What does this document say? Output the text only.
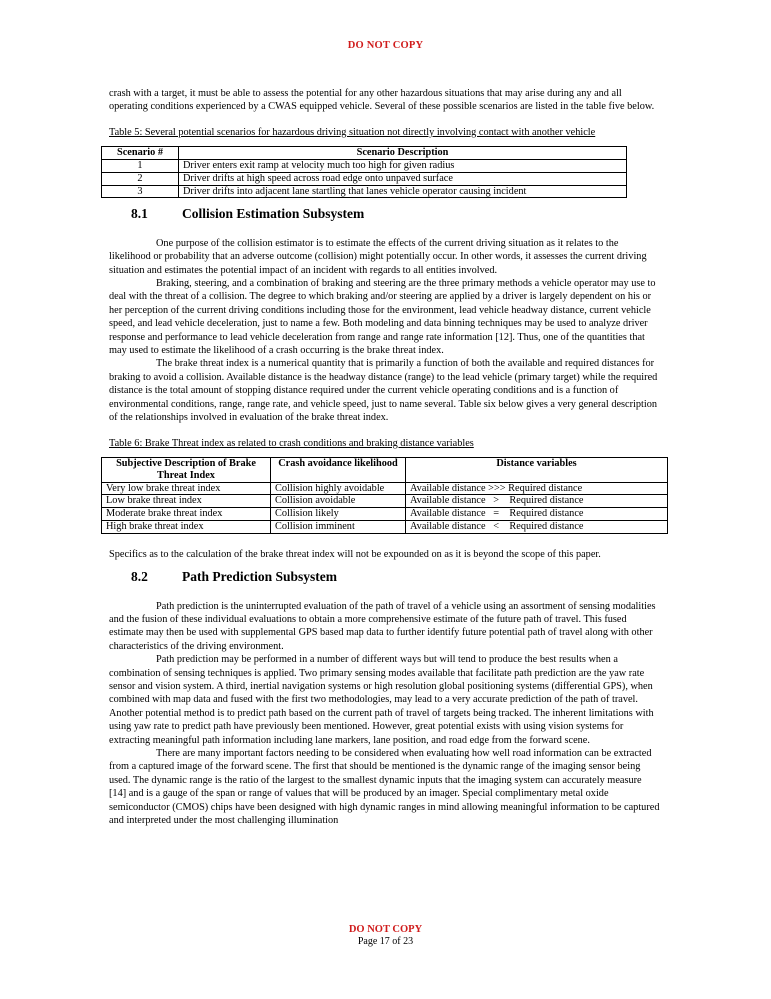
DO NOT COPY

crash with a target, it must be able to assess the potential for any other hazardous situations that may arise during any and all operating conditions experienced by a CWAS equipped vehicle. Several of these possible scenarios are listed in the table five below.

Table 5: Several potential scenarios for hazardous driving situation not directly involving contact with another vehicle

Scenario #	Scenario Description
1	Driver enters exit ramp at velocity much too high for given radius
2	Driver drifts at high speed across road edge onto unpaved surface
3	Driver drifts into adjacent lane startling that lanes vehicle operator causing incident
8.1	Collision Estimation Subsystem

One purpose of the collision estimator is to estimate the effects of the current driving situation as it relates to the likelihood or probability that an adverse outcome (collision) might potentially occur. In other words, it assesses the current driving situation and estimates the potential impact of an incident with regards to all entities involved.

Braking, steering, and a combination of braking and steering are the three primary methods a vehicle operator may use to deal with the threat of a collision. The degree to which braking and/or steering are applied by a driver is largely dependent on his or her perception of the current driving conditions including those for the environment, lead vehicle headway distance, current vehicle speed, and lead vehicle deceleration, just to name a few. Both modeling and data binning techniques may be used to analyze driver response and performance to lead vehicle deceleration from range and range rate information [12]. Thus, one of the quantities that may used to estimate the likelihood of a crash occurring is the brake threat index.

The brake threat index is a numerical quantity that is primarily a function of both the available and required distances for braking to avoid a collision. Available distance is the headway distance (range) to the lead vehicle (primary target) while the required distance is the total amount of stopping distance required under the current vehicle operating conditions and is a function of environmental conditions, range, range rate, and vehicle speed, just to name several. Table six below gives a very general description of the relationships involved in evaluation of the brake threat index.

Table 6: Brake Threat index as related to crash conditions and braking distance variables

Subjective Description of Brake Threat Index	Crash avoidance likelihood	Distance variables
Very low brake threat index	Collision highly avoidable	Available distance >>> Required distance
Low brake threat index	Collision avoidable	Available distance   >    Required distance
Moderate brake threat index	Collision likely	Available distance   =    Required distance
High brake threat index	Collision imminent	Available distance   <    Required distance

Specifics as to the calculation of the brake threat index will not be expounded on as it is beyond the scope of this paper.

8.2	Path Prediction Subsystem

Path prediction is the uninterrupted evaluation of the path of travel of a vehicle using an assortment of sensing modalities and the fusion of these individual evaluations to obtain a more comprehensive estimate of the future path of travel. This fused estimate may then be used with supplemental GPS based map data to further identify future potential path of travel along with other characteristics of the driving environment.

Path prediction may be performed in a number of different ways but will tend to produce the best results when a combination of sensing techniques is applied. Two primary sensing modes available that facilitate path prediction are the yaw rate sensor and vision system. A third, inertial navigation systems or high resolution global positioning systems (differential GPS), when combined with map data and fused with the first two methodologies, may lead to a very accurate prediction of the path of travel. Another potential method is to predict path based on the current path of travel of targets being tracked. The inherent limitations with using yaw rate to predict path have previously been mentioned. However, great potential exists with using vision systems for extracting meaningful path information including lane markers, lane position, and road edge from the forward scene.

There are many important factors needing to be considered when evaluating how well road information can be extracted from a captured image of the forward scene. The first that should be mentioned is the dynamic range of the imaging sensor being used. The dynamic range is the ratio of the largest to the smallest dynamic inputs that the imaging system can accurately measure [14] and is a gauge of the span or range of values that will be produced by an imager. Special complimentary metal oxide semiconductor (CMOS) chips have been designed with high dynamic ranges in mind allowing meaningful information to be captured and interpreted under the most challenging illumination

DO NOT COPY
Page 17 of 23
